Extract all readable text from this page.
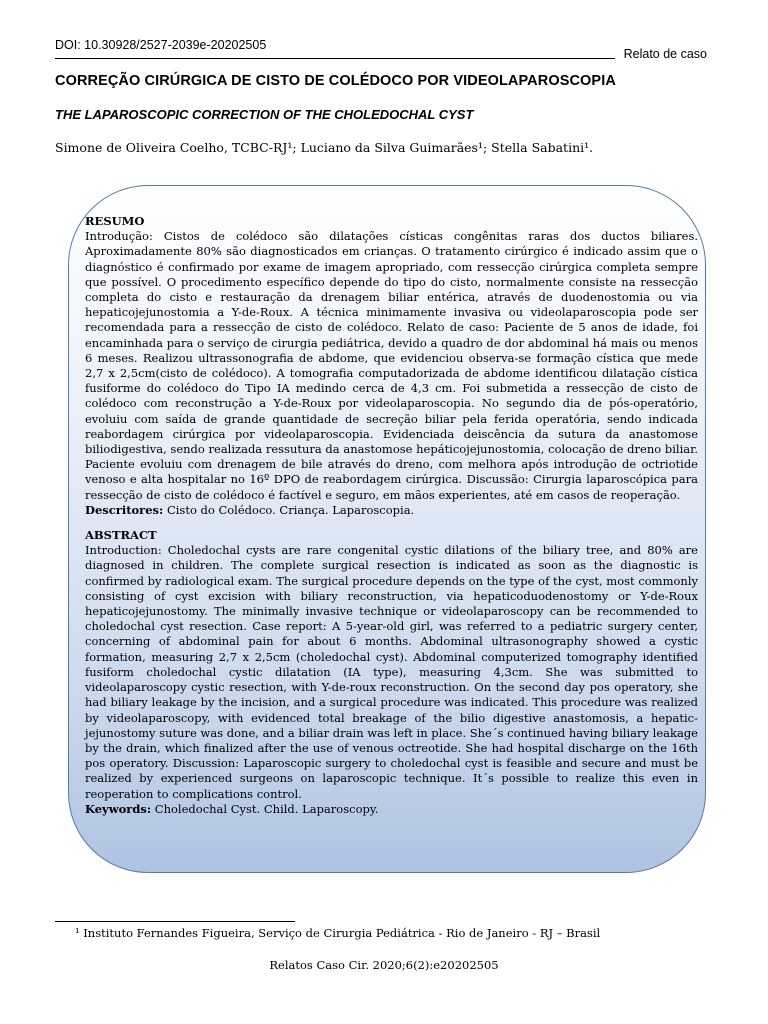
DOI: 10.30928/2527-2039e-20202505
Relato de caso
CORREÇÃO CIRÚRGICA DE CISTO DE COLÉDOCO POR VIDEOLAPAROSCOPIA
THE LAPAROSCOPIC CORRECTION OF THE CHOLEDOCHAL CYST
Simone de Oliveira Coelho, TCBC-RJ¹; Luciano da Silva Guimarães¹; Stella Sabatini¹.

RESUMO

Introdução: Cistos de colédoco são dilatações císticas congênitas raras dos ductos biliares. Aproximadamente 80% são diagnosticados em crianças. O tratamento cirúrgico é indicado assim que o diagnóstico é confirmado por exame de imagem apropriado, com ressecção cirúrgica completa sempre que possível. O procedimento específico depende do tipo do cisto, normalmente consiste na ressecção completa do cisto e restauração da drenagem biliar entérica, através de duodenostomia ou via hepaticojejunostomia a Y-de-Roux. A técnica minimamente invasiva ou videolaparoscopia pode ser recomendada para a ressecção de cisto de colédoco. Relato de caso: Paciente de 5 anos de idade, foi encaminhada para o serviço de cirurgia pediátrica, devido a quadro de dor abdominal há mais ou menos 6 meses. Realizou ultrassonografia de abdome, que evidenciou observa-se formação cística que mede 2,7 x 2,5cm(cisto de colédoco). A tomografia computadorizada de abdome identificou dilatação cística fusiforme do colédoco do Tipo IA medindo cerca de 4,3 cm. Foi submetida a ressecção de cisto de colédoco com reconstrução a Y-de-Roux por videolaparoscopia. No segundo dia de pós-operatório, evoluiu com saída de grande quantidade de secreção biliar pela ferida operatória, sendo indicada reabordagem cirúrgica por videolaparoscopia. Evidenciada deiscência da sutura da anastomose biliodigestiva, sendo realizada ressutura da anastomose hepáticojejunostomia, colocação de dreno biliar. Paciente evoluiu com drenagem de bile através do dreno, com melhora após introdução de octriotide venoso e alta hospitalar no 16º DPO de reabordagem cirúrgica. Discussão: Cirurgia laparoscópica para ressecção de cisto de colédoco é factível e seguro, em mãos experientes, até em casos de reoperação.

Descritores: Cisto do Colédoco. Criança. Laparoscopia.

ABSTRACT

Introduction: Choledochal cysts are rare congenital cystic dilations of the biliary tree, and 80% are diagnosed in children. The complete surgical resection is indicated as soon as the diagnostic is confirmed by radiological exam. The surgical procedure depends on the type of the cyst, most commonly consisting of cyst excision with biliary reconstruction, via hepaticoduodenostomy or Y-de-Roux hepaticojejunostomy. The minimally invasive technique or videolaparoscopy can be recommended to choledochal cyst resection. Case report: A 5-year-old girl, was referred to a pediatric surgery center, concerning of abdominal pain for about 6 months. Abdominal ultrasonography showed a cystic formation, measuring 2,7 x 2,5cm (choledochal cyst). Abdominal computerized tomography identified fusiform choledochal cystic dilatation (IA type), measuring 4,3cm. She was submitted to videolaparoscopy cystic resection, with Y-de-roux reconstruction. On the second day pos operatory, she had biliary leakage by the incision, and a surgical procedure was indicated. This procedure was realized by videolaparoscopy, with evidenced total breakage of the bilio digestive anastomosis, a hepatic-jejunostomy suture was done, and a biliar drain was left in place. She´s continued having biliary leakage by the drain, which finalized after the use of venous octreotide. She had hospital discharge on the 16th pos operatory. Discussion: Laparoscopic surgery to choledochal cyst is feasible and secure and must be realized by experienced surgeons on laparoscopic technique. It´s possible to realize this even in reoperation to complications control.

Keywords: Choledochal Cyst. Child. Laparoscopy.

¹ Instituto Fernandes Figueira, Serviço de Cirurgia Pediátrica - Rio de Janeiro - RJ – Brasil
Relatos Caso Cir. 2020;6(2):e20202505
